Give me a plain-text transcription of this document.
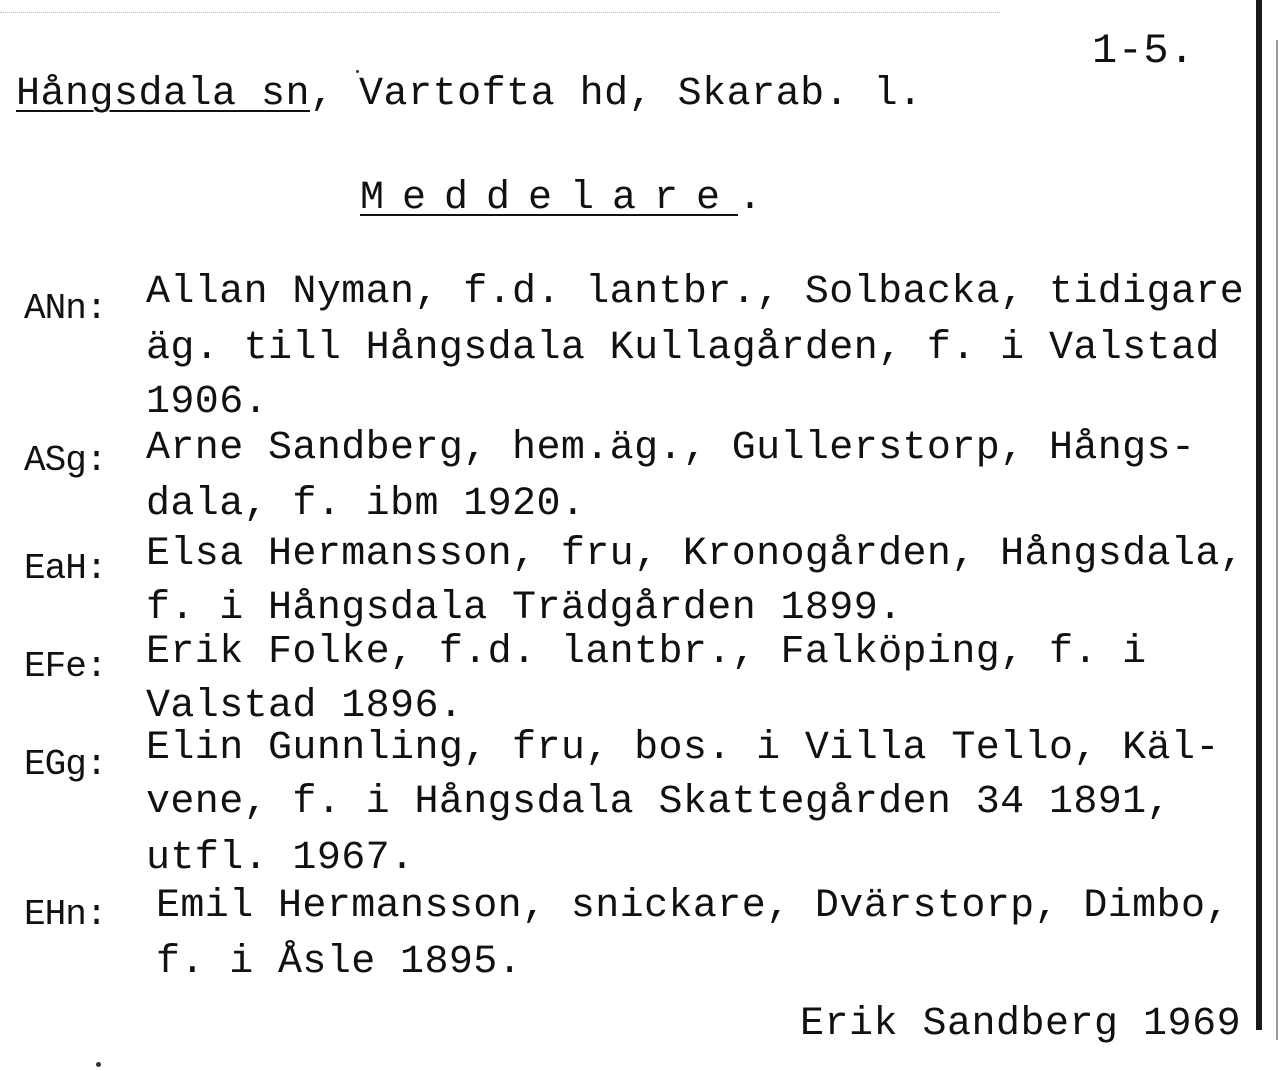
1-5.
Hångsdala sn, Vartofta hd, Skarab. l.
Meddelare.
ANn: Allan Nyman, f.d. lantbr., Solbacka, tidigare
äg. till Hångsdala Kullagården, f. i Valstad
1906.
ASg: Arne Sandberg, hem.äg., Gullerstorp, Hångs-
dala, f. ibm 1920.
EaH: Elsa Hermansson, fru, Kronogården, Hångsdala,
f. i Hångsdala Trädgården 1899.
EFe: Erik Folke, f.d. lantbr., Falköping, f. i
Valstad 1896.
EGg: Elin Gunnling, fru, bos. i Villa Tello, Käl-
vene, f. i Hångsdala Skattegården 34 1891,
utfl. 1967.
EHn: Emil Hermansson, snickare, Dvärstorp, Dimbo,
f. i Åsle 1895.
Erik Sandberg 1969
